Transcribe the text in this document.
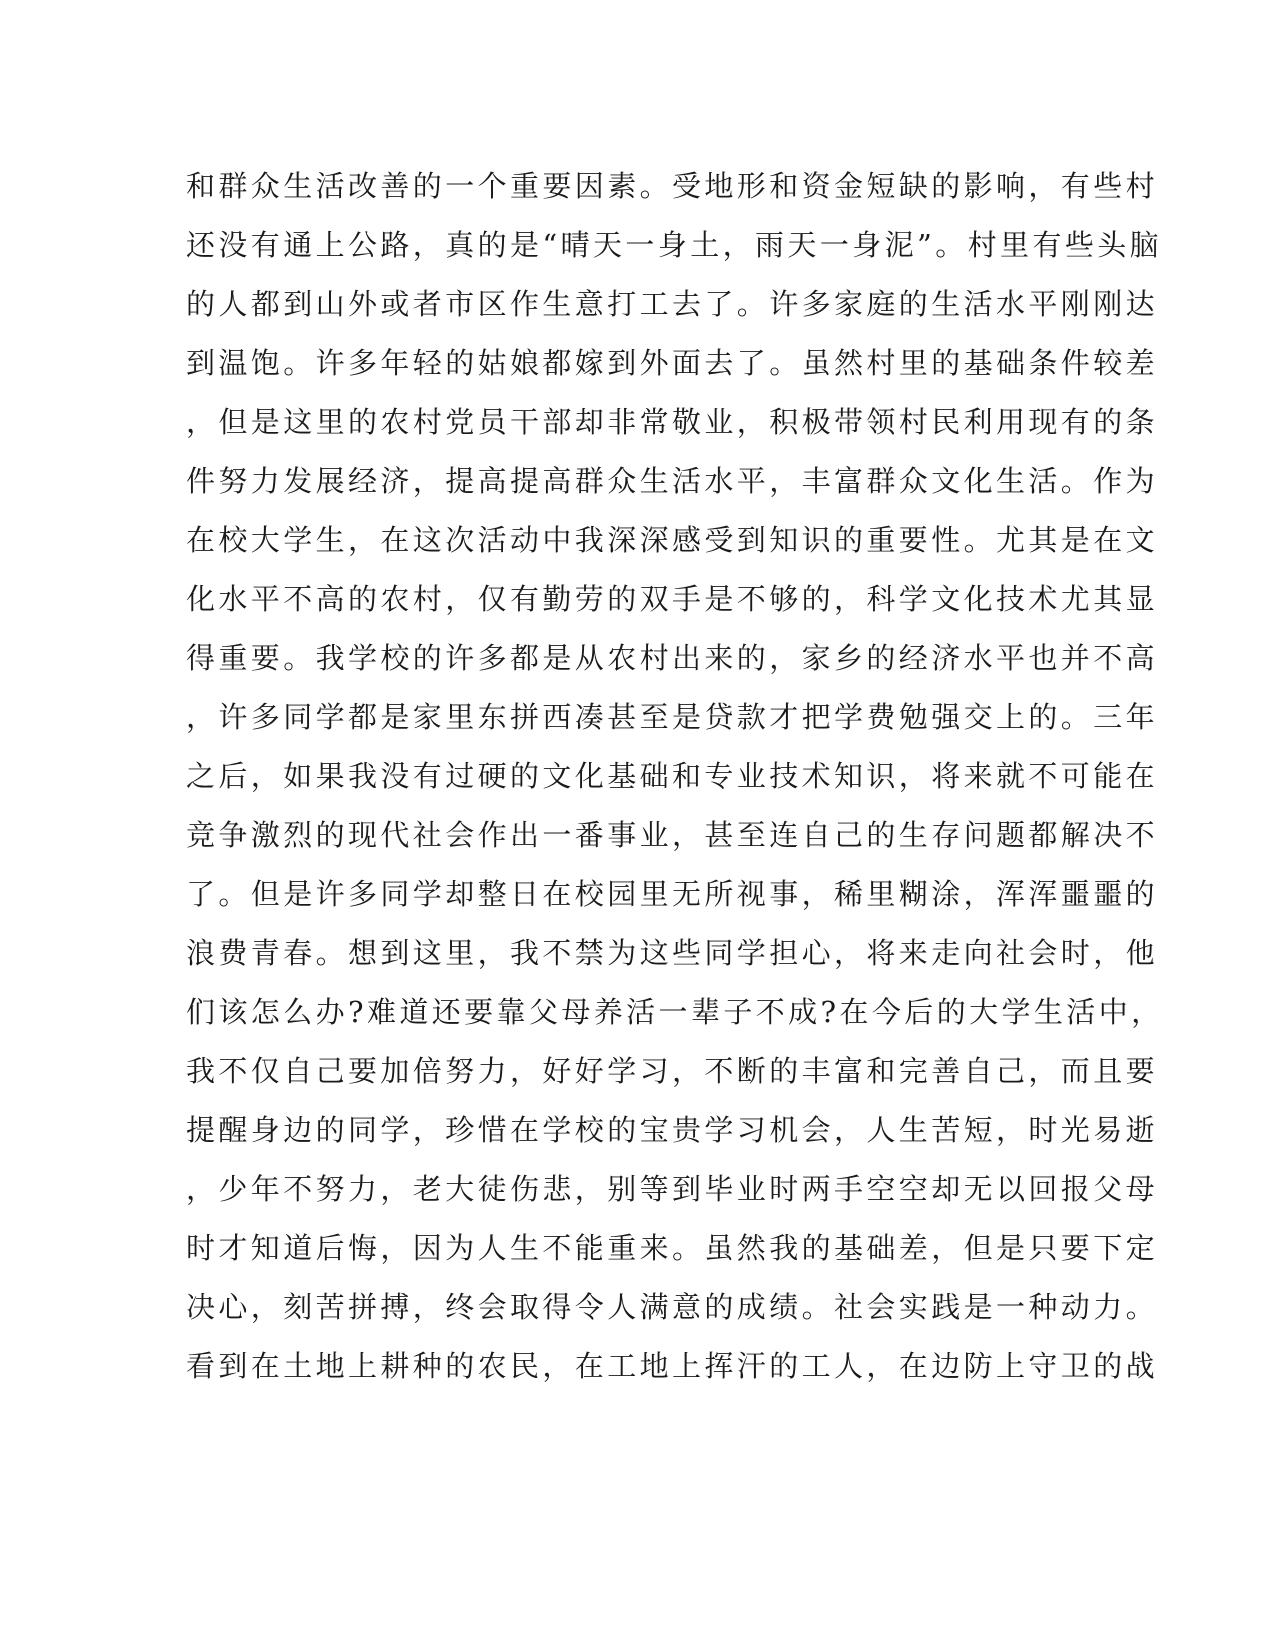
和群众生活改善的一个重要因素。受地形和资金短缺的影响，有些村
还没有通上公路，真的是“晴天一身土，雨天一身泥”。村里有些头脑
的人都到山外或者市区作生意打工去了。许多家庭的生活水平刚刚达
到温饱。许多年轻的姑娘都嫁到外面去了。虽然村里的基础条件较差
，但是这里的农村党员干部却非常敬业，积极带领村民利用现有的条
件努力发展经济，提高提高群众生活水平，丰富群众文化生活。作为
在校大学生，在这次活动中我深深感受到知识的重要性。尤其是在文
化水平不高的农村，仅有勤劳的双手是不够的，科学文化技术尤其显
得重要。我学校的许多都是从农村出来的，家乡的经济水平也并不高
，许多同学都是家里东拼西凑甚至是贷款才把学费勉强交上的。三年
之后，如果我没有过硬的文化基础和专业技术知识，将来就不可能在
竞争激烈的现代社会作出一番事业，甚至连自己的生存问题都解决不
了。但是许多同学却整日在校园里无所视事，稀里糊涂，浑浑噩噩的
浪费青春。想到这里，我不禁为这些同学担心，将来走向社会时，他
们该怎么办?难道还要靠父母养活一辈子不成?在今后的大学生活中，
我不仅自己要加倍努力，好好学习，不断的丰富和完善自己，而且要
提醒身边的同学，珍惜在学校的宝贵学习机会，人生苦短，时光易逝
，少年不努力，老大徒伤悲，别等到毕业时两手空空却无以回报父母
时才知道后悔，因为人生不能重来。虽然我的基础差，但是只要下定
决心，刻苦拼搏，终会取得令人满意的成绩。社会实践是一种动力。
看到在土地上耕种的农民，在工地上挥汗的工人，在边防上守卫的战
